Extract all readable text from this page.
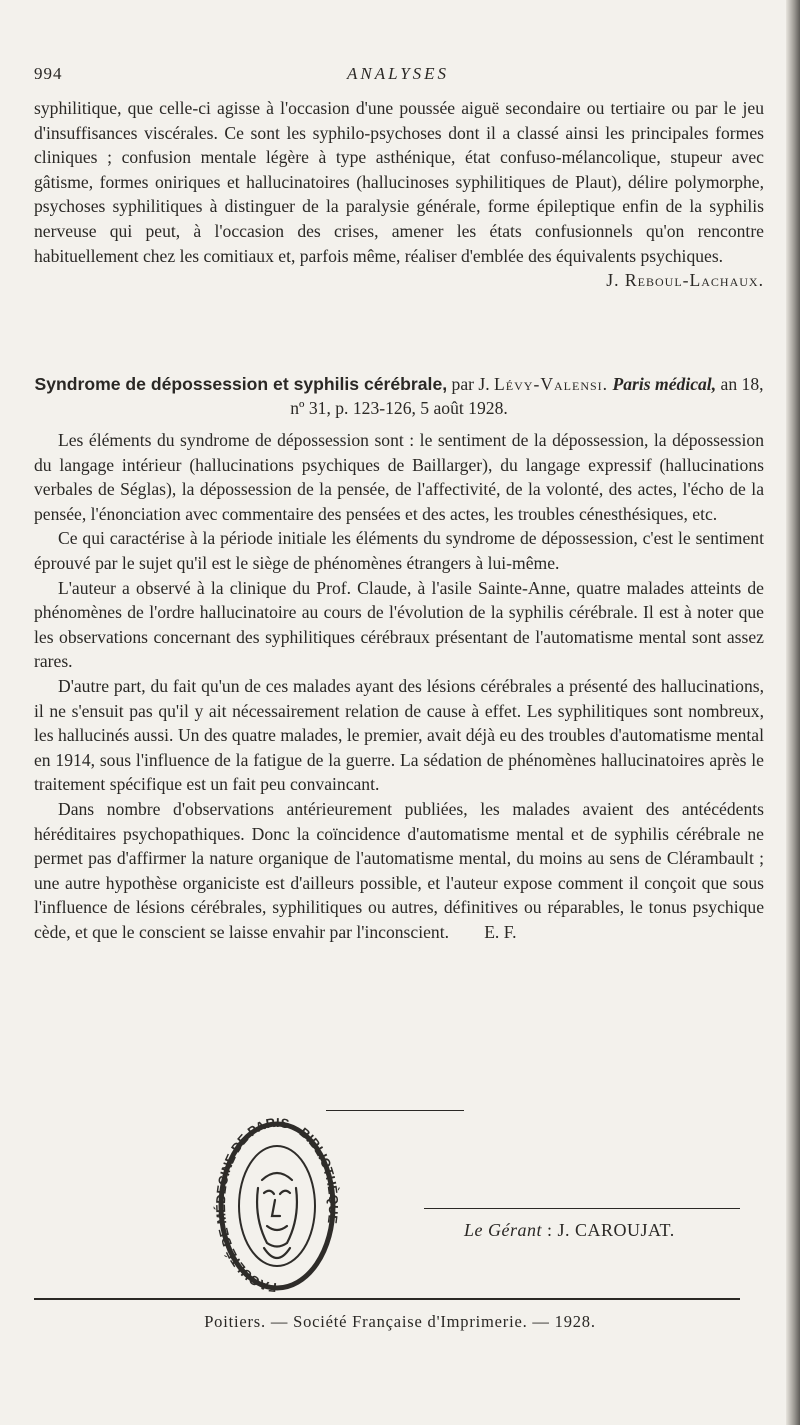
994	ANALYSES

syphilitique, que celle-ci agisse à l'occasion d'une poussée aiguë secondaire ou tertiaire ou par le jeu d'insuffisances viscérales. Ce sont les syphilo-psychoses dont il a classé ainsi les principales formes cliniques ; confusion mentale légère à type asthénique, état confuso-mélancolique, stupeur avec gâtisme, formes oniriques et hallucinatoires (hallucinoses syphilitiques de Plaut), délire polymorphe, psychoses syphilitiques à distinguer de la paralysie générale, forme épileptique enfin de la syphilis nerveuse qui peut, à l'occasion des crises, amener les états confusionnels qu'on rencontre habituellement chez les comitiaux et, parfois même, réaliser d'emblée des équivalents psychiques.

J. Reboul-Lachaux.

Syndrome de dépossession et syphilis cérébrale, par J. Lévy-Valensi. Paris médical, an 18, nº 31, p. 123-126, 5 août 1928.

Les éléments du syndrome de dépossession sont : le sentiment de la dépossession, la dépossession du langage intérieur (hallucinations psychiques de Baillarger), du langage expressif (hallucinations verbales de Séglas), la dépossession de la pensée, de l'affectivité, de la volonté, des actes, l'écho de la pensée, l'énonciation avec commentaire des pensées et des actes, les troubles cénesthésiques, etc.

Ce qui caractérise à la période initiale les éléments du syndrome de dépossession, c'est le sentiment éprouvé par le sujet qu'il est le siège de phénomènes étrangers à lui-même.

L'auteur a observé à la clinique du Prof. Claude, à l'asile Sainte-Anne, quatre malades atteints de phénomènes de l'ordre hallucinatoire au cours de l'évolution de la syphilis cérébrale. Il est à noter que les observations concernant des syphilitiques cérébraux présentant de l'automatisme mental sont assez rares.

D'autre part, du fait qu'un de ces malades ayant des lésions cérébrales a présenté des hallucinations, il ne s'ensuit pas qu'il y ait nécessairement relation de cause à effet. Les syphilitiques sont nombreux, les hallucinés aussi. Un des quatre malades, le premier, avait déjà eu des troubles d'automatisme mental en 1914, sous l'influence de la fatigue de la guerre. La sédation de phénomènes hallucinatoires après le traitement spécifique est un fait peu convaincant.

Dans nombre d'observations antérieurement publiées, les malades avaient des antécédents héréditaires psychopathiques. Donc la coïncidence d'automatisme mental et de syphilis cérébrale ne permet pas d'affirmer la nature organique de l'automatisme mental, du moins au sens de Clérambault ; une autre hypothèse organiciste est d'ailleurs possible, et l'auteur expose comment il conçoit que sous l'influence de lésions cérébrales, syphilitiques ou autres, définitives ou réparables, le tonus psychique cède, et que le conscient se laisse envahir par l'inconscient. E. F.

FACULTÉ DE MÉDECINE DE PARIS · BIBLIOTHÈQUE
Le Gérant : J. CAROUJAT.
Poitiers. — Société Française d'Imprimerie. — 1928.
